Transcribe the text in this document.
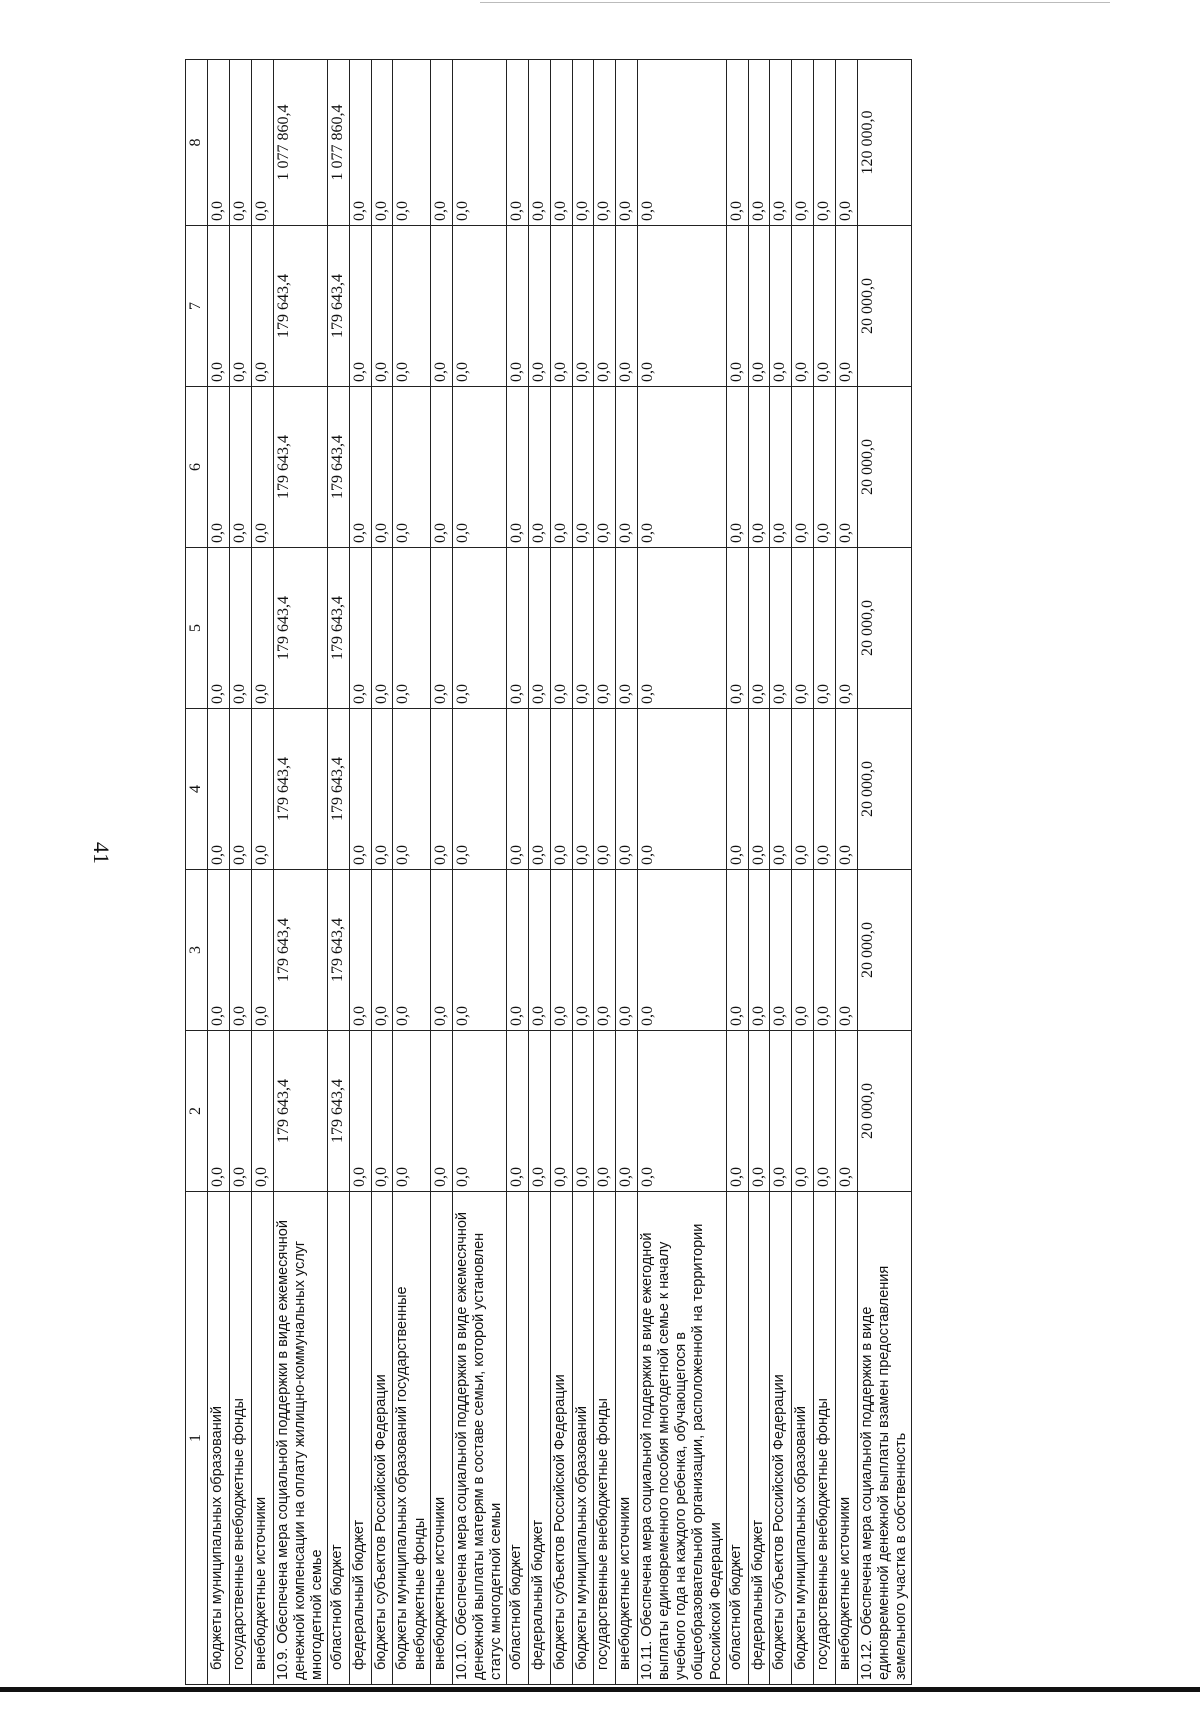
41
1	2	3	4	5	6	7	8
бюджеты муниципальных образований	0,0	0,0	0,0	0,0	0,0	0,0	0,0
государственные внебюджетные фонды	0,0	0,0	0,0	0,0	0,0	0,0	0,0
внебюджетные источники	0,0	0,0	0,0	0,0	0,0	0,0	0,0
10.9. Обеспечена мера социальной поддержки в виде ежемесячной денежной компенсации на оплату жилищно-коммунальных услуг многодетной семье	179 643,4	179 643,4	179 643,4	179 643,4	179 643,4	179 643,4	1 077 860,4
областной бюджет	179 643,4	179 643,4	179 643,4	179 643,4	179 643,4	179 643,4	1 077 860,4
федеральный бюджет	0,0	0,0	0,0	0,0	0,0	0,0	0,0
бюджеты субъектов Российской Федерации	0,0	0,0	0,0	0,0	0,0	0,0	0,0
бюджеты муниципальных образований государственные внебюджетные фонды	0,0	0,0	0,0	0,0	0,0	0,0	0,0
внебюджетные источники	0,0	0,0	0,0	0,0	0,0	0,0	0,0
10.10. Обеспечена мера социальной поддержки в виде ежемесячной денежной выплаты матерям в составе семьи, которой установлен статус многодетной семьи	0,0	0,0	0,0	0,0	0,0	0,0	0,0
областной бюджет	0,0	0,0	0,0	0,0	0,0	0,0	0,0
федеральный бюджет	0,0	0,0	0,0	0,0	0,0	0,0	0,0
бюджеты субъектов Российской Федерации	0,0	0,0	0,0	0,0	0,0	0,0	0,0
бюджеты муниципальных образований	0,0	0,0	0,0	0,0	0,0	0,0	0,0
государственные внебюджетные фонды	0,0	0,0	0,0	0,0	0,0	0,0	0,0
внебюджетные источники	0,0	0,0	0,0	0,0	0,0	0,0	0,0
10.11. Обеспечена мера социальной поддержки в виде ежегодной выплаты единовременного пособия многодетной семье к началу учебного года на каждого ребенка, обучающегося в общеобразовательной организации, расположенной на территории Российской Федерации	0,0	0,0	0,0	0,0	0,0	0,0	0,0
областной бюджет	0,0	0,0	0,0	0,0	0,0	0,0	0,0
федеральный бюджет	0,0	0,0	0,0	0,0	0,0	0,0	0,0
бюджеты субъектов Российской Федерации	0,0	0,0	0,0	0,0	0,0	0,0	0,0
бюджеты муниципальных образований	0,0	0,0	0,0	0,0	0,0	0,0	0,0
государственные внебюджетные фонды	0,0	0,0	0,0	0,0	0,0	0,0	0,0
внебюджетные источники	0,0	0,0	0,0	0,0	0,0	0,0	0,0
10.12. Обеспечена мера социальной поддержки в виде единовременной денежной выплаты взамен предоставления земельного участка в собственность	20 000,0	20 000,0	20 000,0	20 000,0	20 000,0	20 000,0	120 000,0
